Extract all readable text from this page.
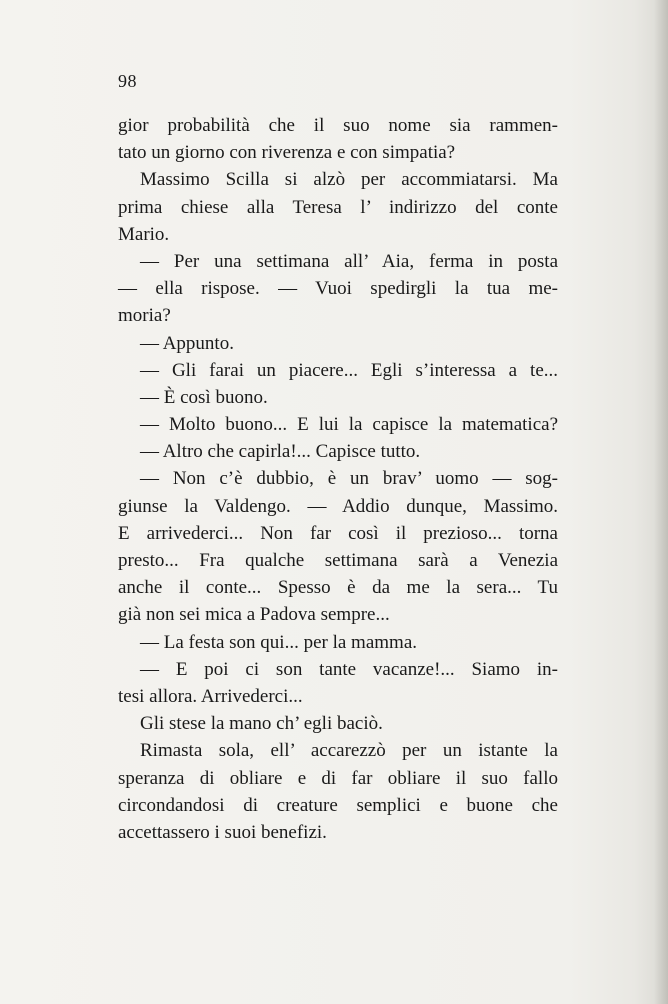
98
gior probabilità che il suo nome sia rammen-
tato un giorno con riverenza e con simpatia?
Massimo Scilla si alzò per accommiatarsi. Ma
prima chiese alla Teresa l’ indirizzo del conte
Mario.
— Per una settimana all’ Aia, ferma in posta
— ella rispose. — Vuoi spedirgli la tua me-
moria?
— Appunto.
— Gli farai un piacere... Egli s’interessa a te...
— È così buono.
— Molto buono... E lui la capisce la matematica?
— Altro che capirla!... Capisce tutto.
— Non c’è dubbio, è un brav’ uomo — sog-
giunse la Valdengo. — Addio dunque, Massimo.
E arrivederci... Non far così il prezioso... torna
presto... Fra qualche settimana sarà a Venezia
anche il conte... Spesso è da me la sera... Tu
già non sei mica a Padova sempre...
— La festa son qui... per la mamma.
— E poi ci son tante vacanze!... Siamo in-
tesi allora. Arrivederci...
Gli stese la mano ch’ egli baciò.
Rimasta sola, ell’ accarezzò per un istante la
speranza di obliare e di far obliare il suo fallo
circondandosi di creature semplici e buone che
accettassero i suoi benefizi.
